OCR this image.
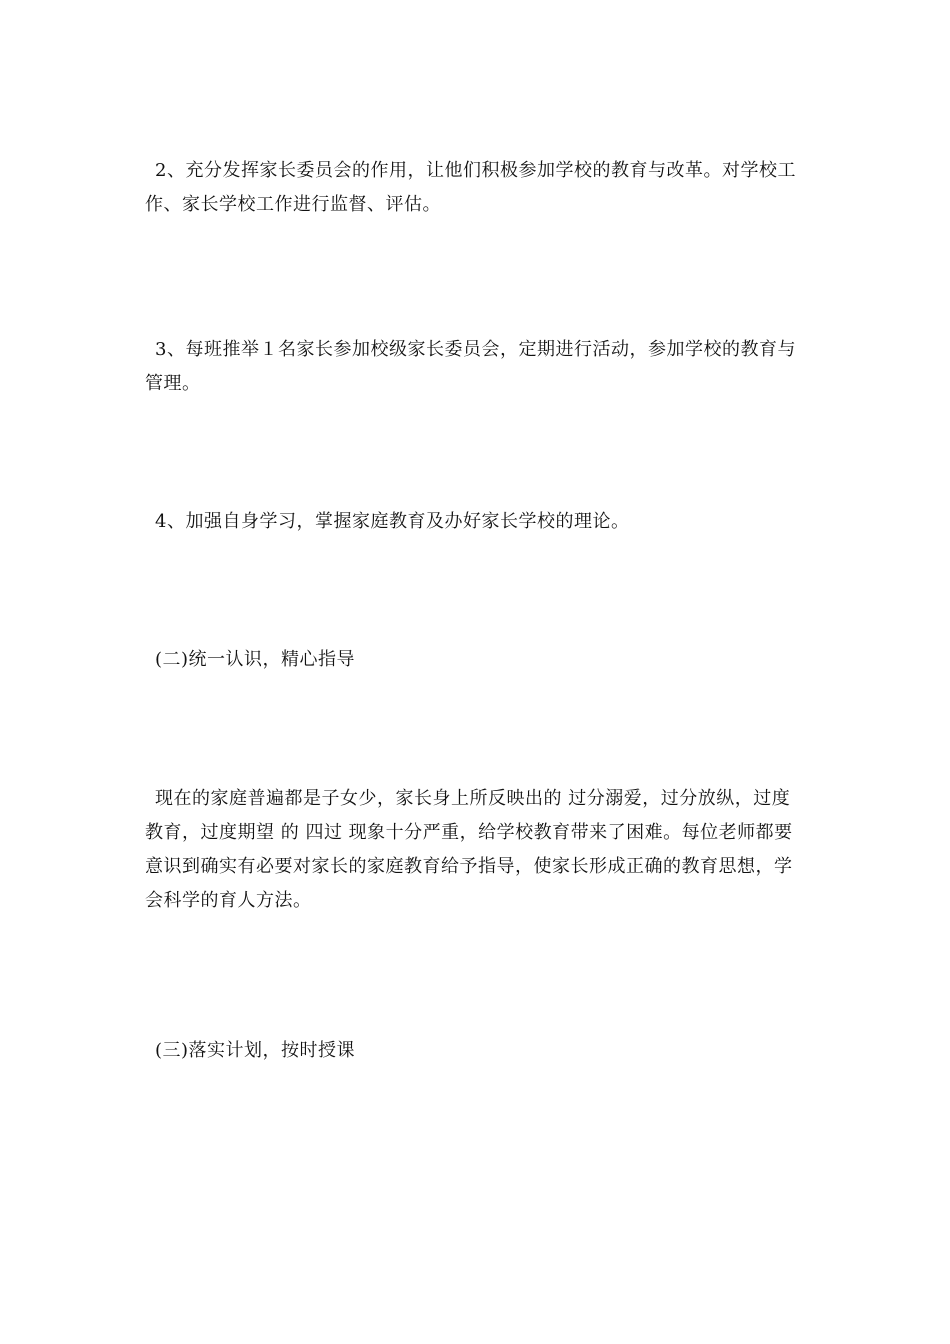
2、充分发挥家长委员会的作用，让他们积极参加学校的教育与改革。对学校工作、家长学校工作进行监督、评估。

3、每班推举１名家长参加校级家长委员会，定期进行活动，参加学校的教育与管理。

4、加强自身学习，掌握家庭教育及办好家长学校的理论。

(二)统一认识，精心指导

现在的家庭普遍都是子女少，家长身上所反映出的 过分溺爱，过分放纵，过度教育，过度期望 的 四过 现象十分严重，给学校教育带来了困难。每位老师都要意识到确实有必要对家长的家庭教育给予指导，使家长形成正确的教育思想，学会科学的育人方法。

(三)落实计划，按时授课
